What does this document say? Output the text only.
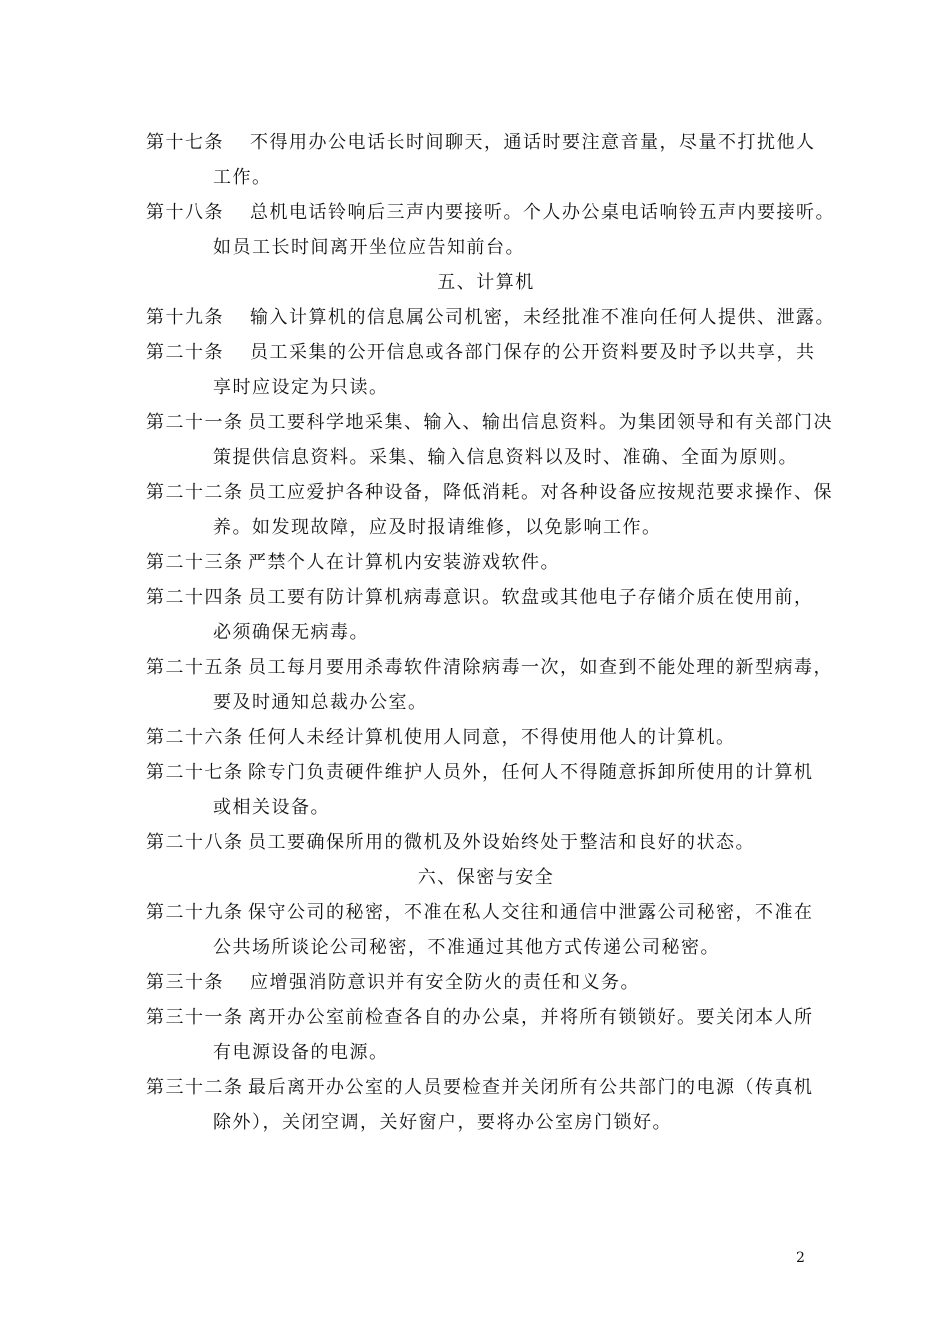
第十七条	不得用办公电话长时间聊天，通话时要注意音量，尽量不打扰他人
工作。
第十八条	总机电话铃响后三声内要接听。个人办公桌电话响铃五声内要接听。
如员工长时间离开坐位应告知前台。
五、计算机
第十九条	输入计算机的信息属公司机密，未经批准不准向任何人提供、泄露。
第二十条	员工采集的公开信息或各部门保存的公开资料要及时予以共享，共
享时应设定为只读。
第二十一条 员工要科学地采集、输入、输出信息资料。为集团领导和有关部门决
策提供信息资料。采集、输入信息资料以及时、准确、全面为原则。
第二十二条 员工应爱护各种设备，降低消耗。对各种设备应按规范要求操作、保
养。如发现故障，应及时报请维修，以免影响工作。
第二十三条 严禁个人在计算机内安装游戏软件。
第二十四条 员工要有防计算机病毒意识。软盘或其他电子存储介质在使用前，
必须确保无病毒。
第二十五条 员工每月要用杀毒软件清除病毒一次，如查到不能处理的新型病毒，
要及时通知总裁办公室。
第二十六条 任何人未经计算机使用人同意，不得使用他人的计算机。
第二十七条 除专门负责硬件维护人员外，任何人不得随意拆卸所使用的计算机
或相关设备。
第二十八条 员工要确保所用的微机及外设始终处于整洁和良好的状态。
六、保密与安全
第二十九条 保守公司的秘密，不准在私人交往和通信中泄露公司秘密，不准在
公共场所谈论公司秘密，不准通过其他方式传递公司秘密。
第三十条	应增强消防意识并有安全防火的责任和义务。
第三十一条 离开办公室前检查各自的办公桌，并将所有锁锁好。要关闭本人所
有电源设备的电源。
第三十二条 最后离开办公室的人员要检查并关闭所有公共部门的电源（传真机
除外），关闭空调，关好窗户，要将办公室房门锁好。
2
